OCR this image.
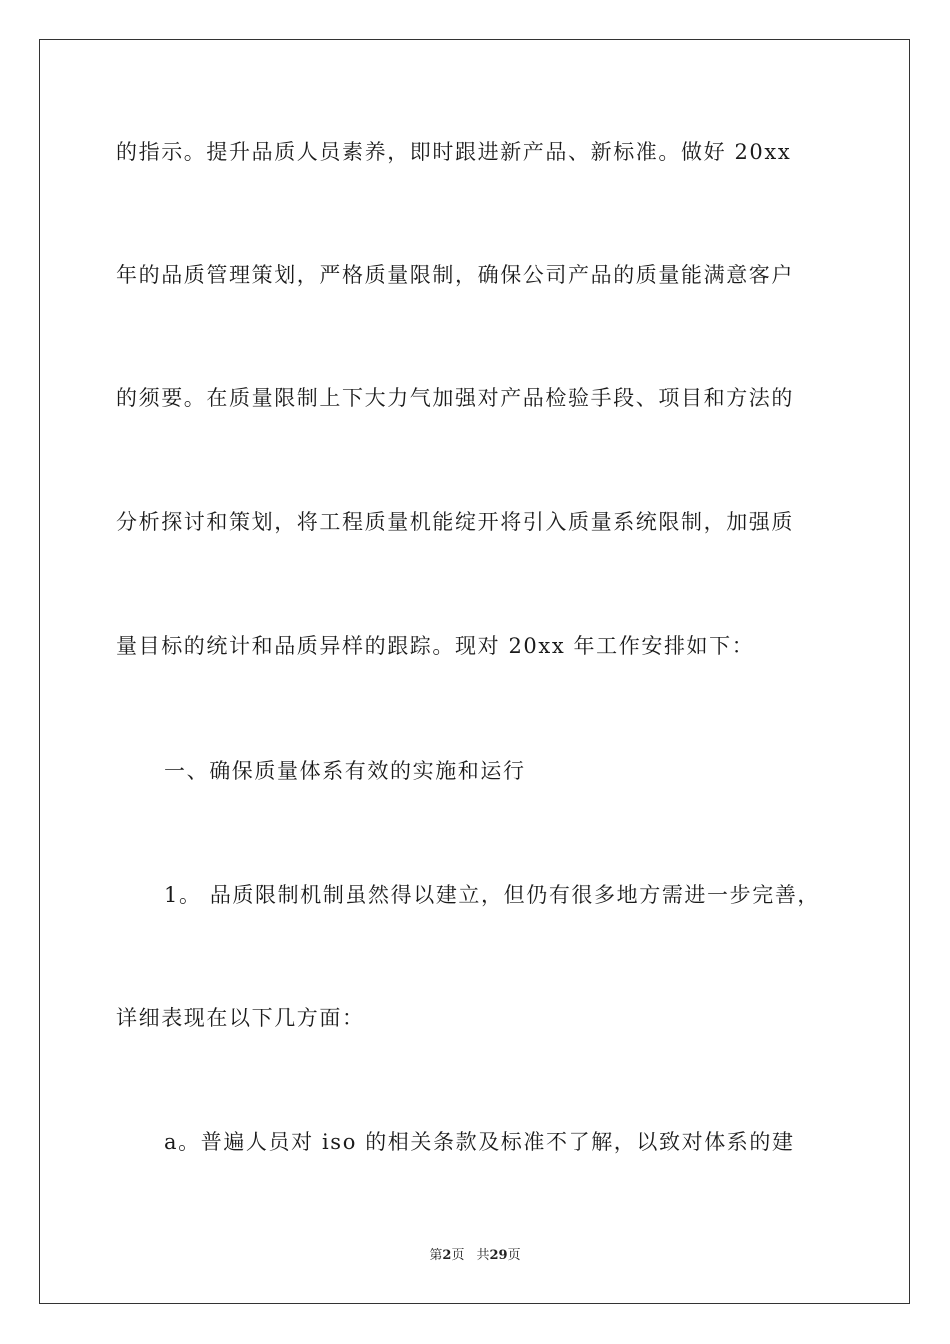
的指示。提升品质人员素养，即时跟进新产品、新标准。做好 20xx
年的品质管理策划，严格质量限制，确保公司产品的质量能满意客户
的须要。在质量限制上下大力气加强对产品检验手段、项目和方法的
分析探讨和策划，将工程质量机能绽开将引入质量系统限制，加强质
量目标的统计和品质异样的跟踪。现对 20xx 年工作安排如下：
一、确保质量体系有效的实施和运行
1。 品质限制机制虽然得以建立，但仍有很多地方需进一步完善，
详细表现在以下几方面：
a。普遍人员对 iso 的相关条款及标准不了解，以致对体系的建
第2页 共29页
